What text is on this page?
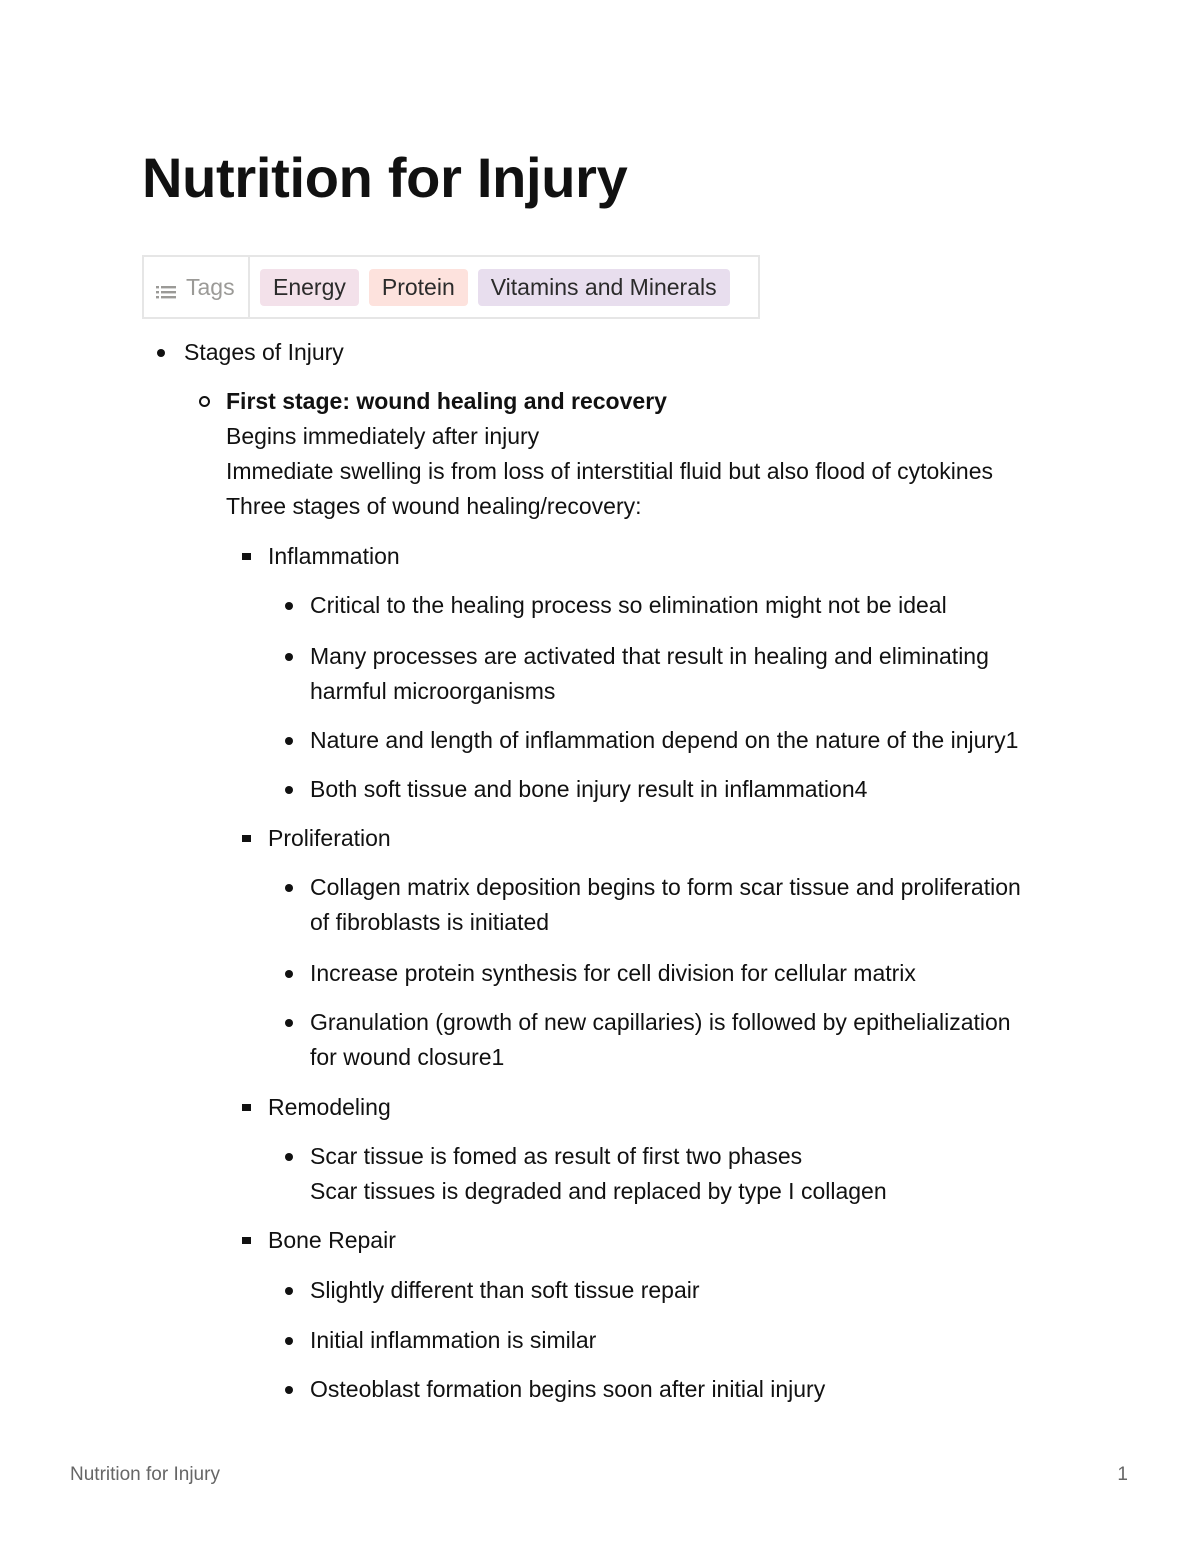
Nutrition for Injury
Tags	Energy	Protein	Vitamins and Minerals
Stages of Injury
First stage: wound healing and recovery
Begins immediately after injury
Immediate swelling is from loss of interstitial fluid but also flood of cytokines
Three stages of wound healing/recovery:
Inflammation
Critical to the healing process so elimination might not be ideal
Many processes are activated that result in healing and eliminating
harmful microorganisms
Nature and length of inflammation depend on the nature of the injury1
Both soft tissue and bone injury result in inflammation4
Proliferation
Collagen matrix deposition begins to form scar tissue and proliferation
of fibroblasts is initiated
Increase protein synthesis for cell division for cellular matrix
Granulation (growth of new capillaries) is followed by epithelialization
for wound closure1
Remodeling
Scar tissue is fomed as result of first two phases
Scar tissues is degraded and replaced by type I collagen
Bone Repair
Slightly different than soft tissue repair
Initial inflammation is similar
Osteoblast formation begins soon after initial injury
Nutrition for Injury	1
